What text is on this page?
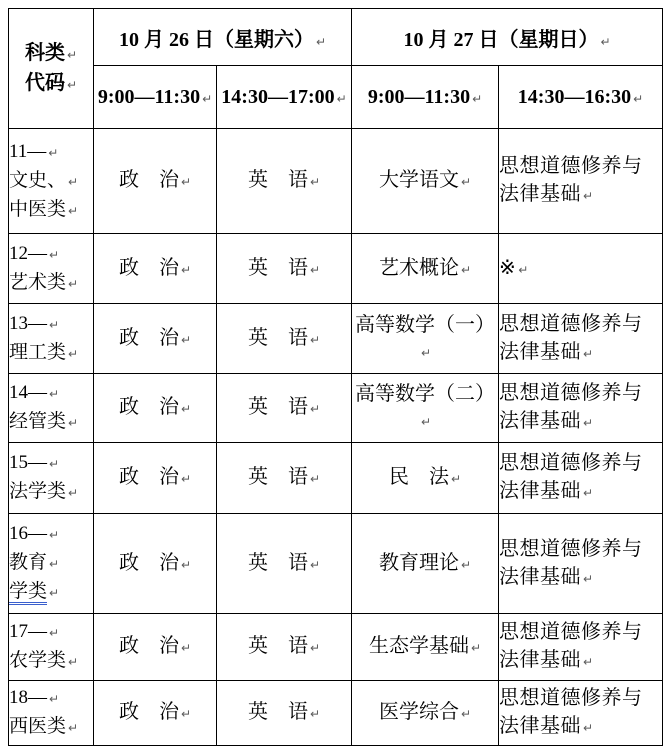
科类 ↵
代码 ↵	10 月 26 日（星期六） ↵		10 月 27 日（星期日） ↵	
	9:00—11:30 ↵	14:30—17:00 ↵	9:00—11:30 ↵	14:30—16:30 ↵

11— ↵
文史、 ↵
中医类 ↵	政　治 ↵	英　语 ↵	大学语文 ↵	思想道德修养与法律基础 ↵

12— ↵
艺术类 ↵	政　治 ↵	英　语 ↵	艺术概论 ↵	※ ↵

13— ↵
理工类 ↵	政　治 ↵	英　语 ↵	高等数学（一）↵	思想道德修养与法律基础 ↵

14— ↵
经管类 ↵	政　治 ↵	英　语 ↵	高等数学（二）↵	思想道德修养与法律基础 ↵

15— ↵
法学类 ↵	政　治 ↵	英　语 ↵	民　法 ↵	思想道德修养与法律基础 ↵

16— ↵
教育 ↵
学类 ↵	政　治 ↵	英　语 ↵	教育理论 ↵	思想道德修养与法律基础 ↵

17— ↵
农学类 ↵	政　治 ↵	英　语 ↵	生态学基础 ↵	思想道德修养与法律基础 ↵

18— ↵
西医类 ↵	政　治 ↵	英　语 ↵	医学综合 ↵	思想道德修养与法律基础 ↵
